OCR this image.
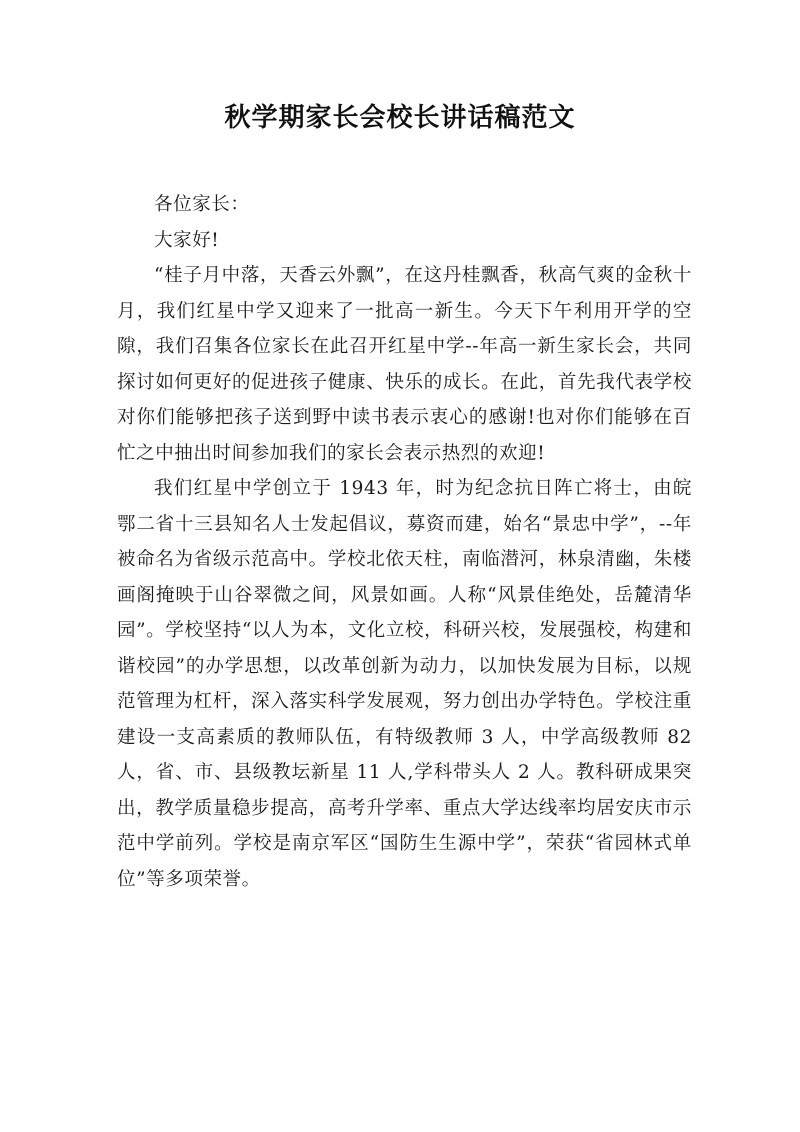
秋学期家长会校长讲话稿范文

各位家长：

大家好!

“桂子月中落，天香云外飘”，在这丹桂飘香，秋高气爽的金秋十月，我们红星中学又迎来了一批高一新生。今天下午利用开学的空隙，我们召集各位家长在此召开红星中学--年高一新生家长会，共同探讨如何更好的促进孩子健康、快乐的成长。在此，首先我代表学校对你们能够把孩子送到野中读书表示衷心的感谢!也对你们能够在百忙之中抽出时间参加我们的家长会表示热烈的欢迎!

我们红星中学创立于 1943 年，时为纪念抗日阵亡将士，由皖鄂二省十三县知名人士发起倡议，募资而建，始名“景忠中学”，--年被命名为省级示范高中。学校北依天柱，南临潜河，林泉清幽，朱楼画阁掩映于山谷翠微之间，风景如画。人称“风景佳绝处，岳麓清华园”。学校坚持“以人为本，文化立校，科研兴校，发展强校，构建和谐校园”的办学思想，以改革创新为动力，以加快发展为目标，以规范管理为杠杆，深入落实科学发展观，努力创出办学特色。学校注重建设一支高素质的教师队伍，有特级教师 3 人，中学高级教师 82 人，省、市、县级教坛新星 11 人,学科带头人 2 人。教科研成果突出，教学质量稳步提高，高考升学率、重点大学达线率均居安庆市示范中学前列。学校是南京军区“国防生生源中学”，荣获“省园林式单位”等多项荣誉。
